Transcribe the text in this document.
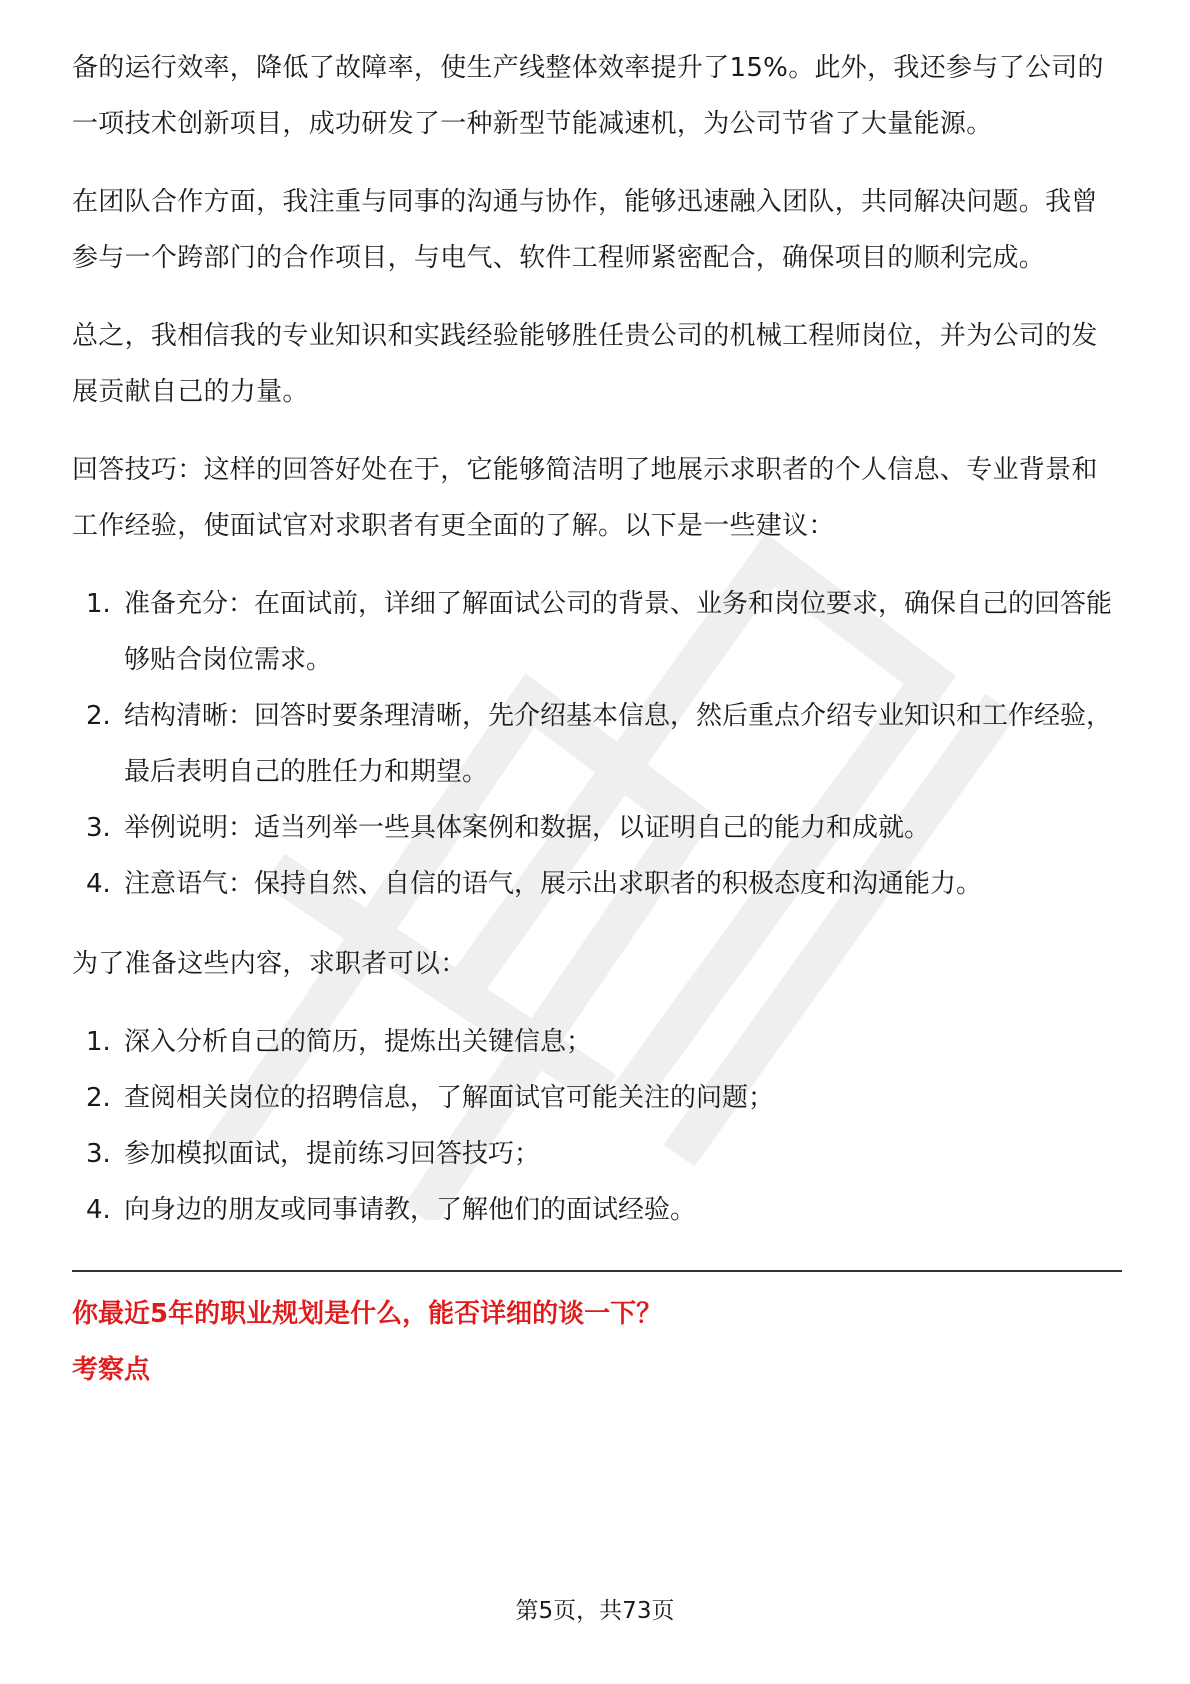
备的运行效率，降低了故障率，使生产线整体效率提升了15%。此外，我还参与了公司的一项技术创新项目，成功研发了一种新型节能减速机，为公司节省了大量能源。

在团队合作方面，我注重与同事的沟通与协作，能够迅速融入团队，共同解决问题。我曾参与一个跨部门的合作项目，与电气、软件工程师紧密配合，确保项目的顺利完成。

总之，我相信我的专业知识和实践经验能够胜任贵公司的机械工程师岗位，并为公司的发展贡献自己的力量。

回答技巧：这样的回答好处在于，它能够简洁明了地展示求职者的个人信息、专业背景和工作经验，使面试官对求职者有更全面的了解。以下是一些建议：

1. 准备充分：在面试前，详细了解面试公司的背景、业务和岗位要求，确保自己的回答能够贴合岗位需求。
2. 结构清晰：回答时要条理清晰，先介绍基本信息，然后重点介绍专业知识和工作经验，最后表明自己的胜任力和期望。
3. 举例说明：适当列举一些具体案例和数据，以证明自己的能力和成就。
4. 注意语气：保持自然、自信的语气，展示出求职者的积极态度和沟通能力。

为了准备这些内容，求职者可以：

1. 深入分析自己的简历，提炼出关键信息；
2. 查阅相关岗位的招聘信息，了解面试官可能关注的问题；
3. 参加模拟面试，提前练习回答技巧；
4. 向身边的朋友或同事请教，了解他们的面试经验。

你最近5年的职业规划是什么，能否详细的谈一下？

考察点

第5页，共73页
